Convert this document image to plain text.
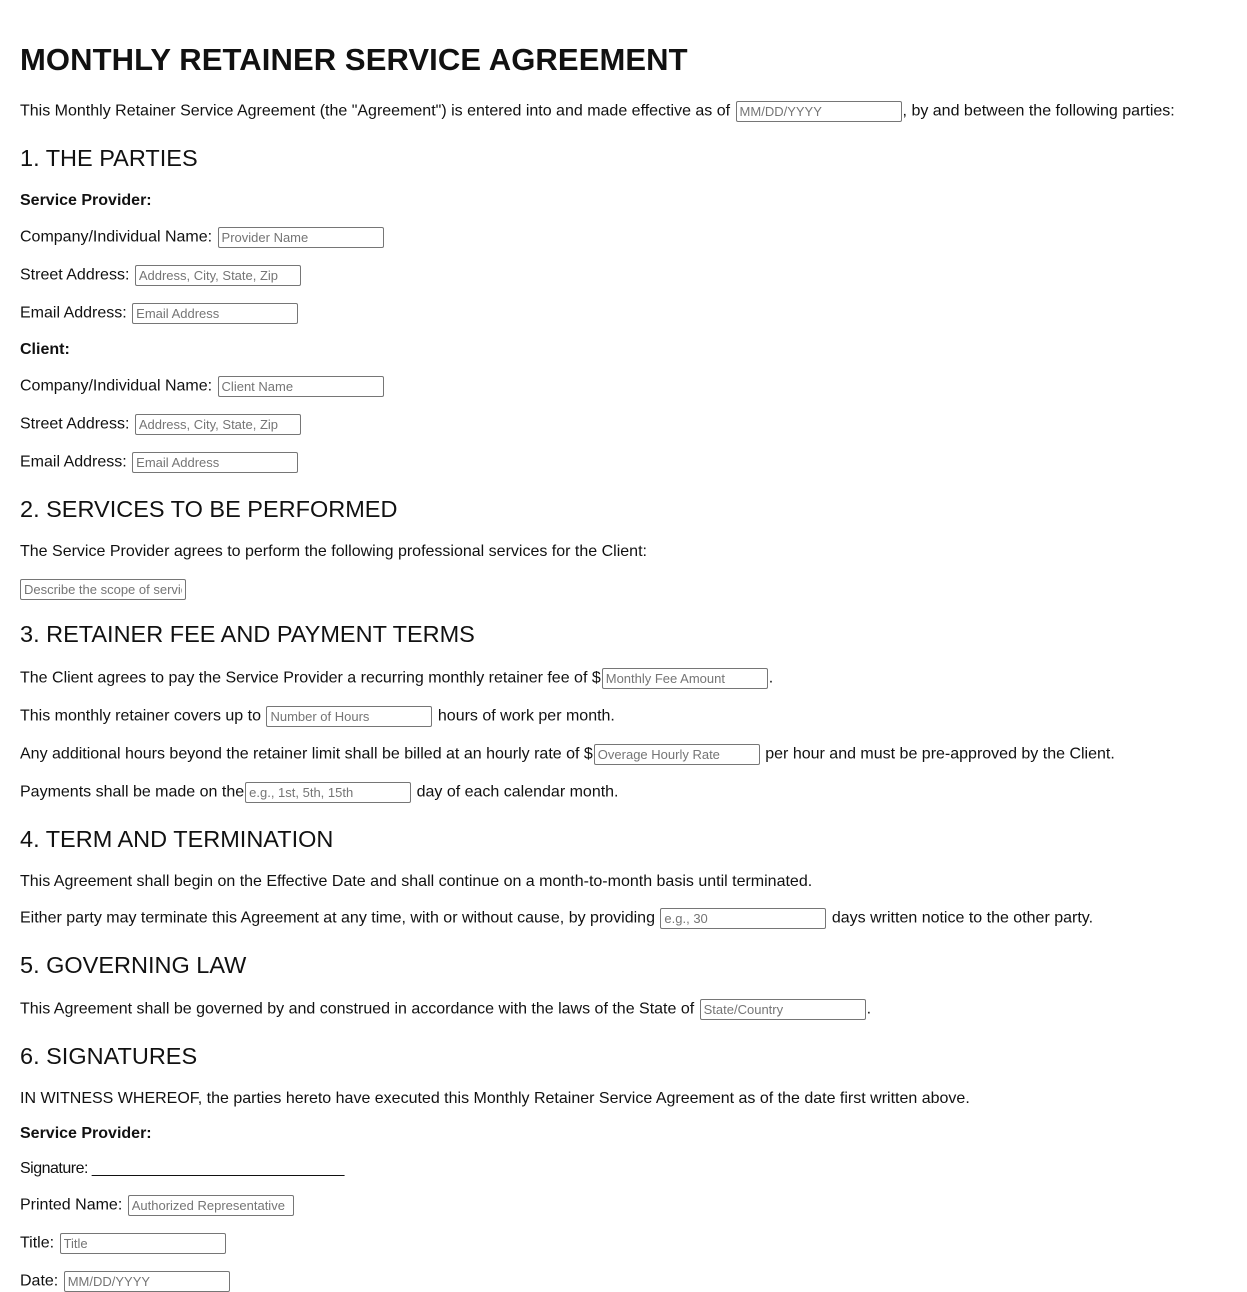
MONTHLY RETAINER SERVICE AGREEMENT
This Monthly Retainer Service Agreement (the "Agreement") is entered into and made effective as of MM/DD/YYYY	, by and between the following parties:
1. THE PARTIES
Service Provider:
Company/Individual Name: Provider Name
Street Address: Address, City, State, Zip
Email Address: Email Address
Client:
Company/Individual Name: Client Name
Street Address: Address, City, State, Zip
Email Address: Email Address
2. SERVICES TO BE PERFORMED
The Service Provider agrees to perform the following professional services for the Client:
Describe the scope of services
3. RETAINER FEE AND PAYMENT TERMS
The Client agrees to pay the Service Provider a recurring monthly retainer fee of $Monthly Fee Amount	.
This monthly retainer covers up to Number of Hours	hours of work per month.
Any additional hours beyond the retainer limit shall be billed at an hourly rate of $Overage Hourly Rate	per hour and must be pre-approved by the Client.
Payments shall be made on thee.g., 1st, 5th, 15th	day of each calendar month.
4. TERM AND TERMINATION
This Agreement shall begin on the Effective Date and shall continue on a month-to-month basis until terminated.
Either party may terminate this Agreement at any time, with or without cause, by providing e.g., 30	days written notice to the other party.
5. GOVERNING LAW
This Agreement shall be governed by and construed in accordance with the laws of the State of State/Country	.
6. SIGNATURES
IN WITNESS WHEREOF, the parties hereto have executed this Monthly Retainer Service Agreement as of the date first written above.
Service Provider:
Signature: ______________________________
Printed Name: Authorized Representative
Title: Title
Date: MM/DD/YYYY
